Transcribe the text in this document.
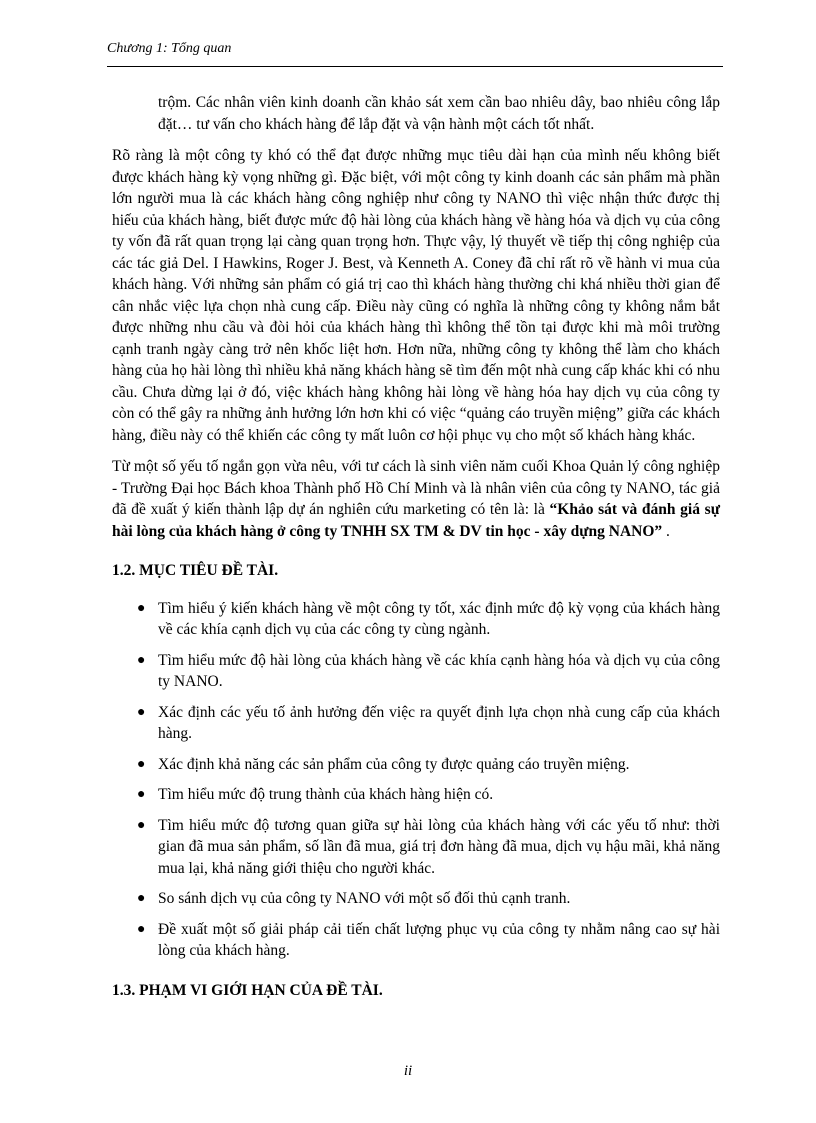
Chương 1: Tổng quan

trộm. Các nhân viên kinh doanh cần khảo sát xem cần bao nhiêu dây, bao nhiêu công lắp đặt… tư vấn cho khách hàng để lắp đặt và vận hành một cách tốt nhất.

Rõ ràng là một công ty khó có thể đạt được những mục tiêu dài hạn của mình nếu không biết được khách hàng kỳ vọng những gì. Đặc biệt, với một công ty kinh doanh các sản phẩm mà phần lớn người mua là các khách hàng công nghiệp như công ty NANO thì việc nhận thức được thị hiếu của khách hàng, biết được mức độ hài lòng của khách hàng về hàng hóa và dịch vụ của công ty vốn đã rất quan trọng lại càng quan trọng hơn. Thực vậy, lý thuyết về tiếp thị công nghiệp của các tác giả Del. I Hawkins, Roger J. Best, và Kenneth A. Coney đã chỉ rất rõ về hành vi mua của khách hàng. Với những sản phẩm có giá trị cao thì khách hàng thường chi khá nhiều thời gian để cân nhắc việc lựa chọn nhà cung cấp. Điều này cũng có nghĩa là những công ty không nắm bắt được những nhu cầu và đòi hỏi của khách hàng thì không thể tồn tại được khi mà môi trường cạnh tranh ngày càng trở nên khốc liệt hơn. Hơn nữa, những công ty không thể làm cho khách hàng của họ hài lòng thì nhiều khả năng khách hàng sẽ tìm đến một nhà cung cấp khác khi có nhu cầu. Chưa dừng lại ở đó, việc khách hàng không hài lòng về hàng hóa hay dịch vụ của công ty còn có thể gây ra những ảnh hưởng lớn hơn khi có việc “quảng cáo truyền miệng” giữa các khách hàng, điều này có thể khiến các công ty mất luôn cơ hội phục vụ cho một số khách hàng khác.

Từ một số yếu tố ngắn gọn vừa nêu, với tư cách là sinh viên năm cuối Khoa Quản lý công nghiệp - Trường Đại học Bách khoa Thành phố Hồ Chí Minh và là nhân viên của công ty NANO, tác giả đã đề xuất ý kiến thành lập dự án nghiên cứu marketing có tên là: là “Khảo sát và đánh giá sự hài lòng của khách hàng ở công ty TNHH SX TM & DV tin học - xây dựng NANO” .

1.2. MỤC TIÊU ĐỀ TÀI.
● Tìm hiểu ý kiến khách hàng về một công ty tốt, xác định mức độ kỳ vọng của khách hàng về các khía cạnh dịch vụ của các công ty cùng ngành.
● Tìm hiểu mức độ hài lòng của khách hàng về các khía cạnh hàng hóa và dịch vụ của công ty NANO.
● Xác định các yếu tố ảnh hưởng đến việc ra quyết định lựa chọn nhà cung cấp của khách hàng.
● Xác định khả năng các sản phẩm của công ty được quảng cáo truyền miệng.
● Tìm hiểu mức độ trung thành của khách hàng hiện có.
● Tìm hiểu mức độ tương quan giữa sự hài lòng của khách hàng với các yếu tố như: thời gian đã mua sản phẩm, số lần đã mua, giá trị đơn hàng đã mua, dịch vụ hậu mãi, khả năng mua lại, khả năng giới thiệu cho người khác.
● So sánh dịch vụ của công ty NANO với một số đối thủ cạnh tranh.
● Đề xuất một số giải pháp cải tiến chất lượng phục vụ của công ty nhằm nâng cao sự hài lòng của khách hàng.
1.3. PHẠM VI GIỚI HẠN CỦA ĐỀ TÀI.
ii
